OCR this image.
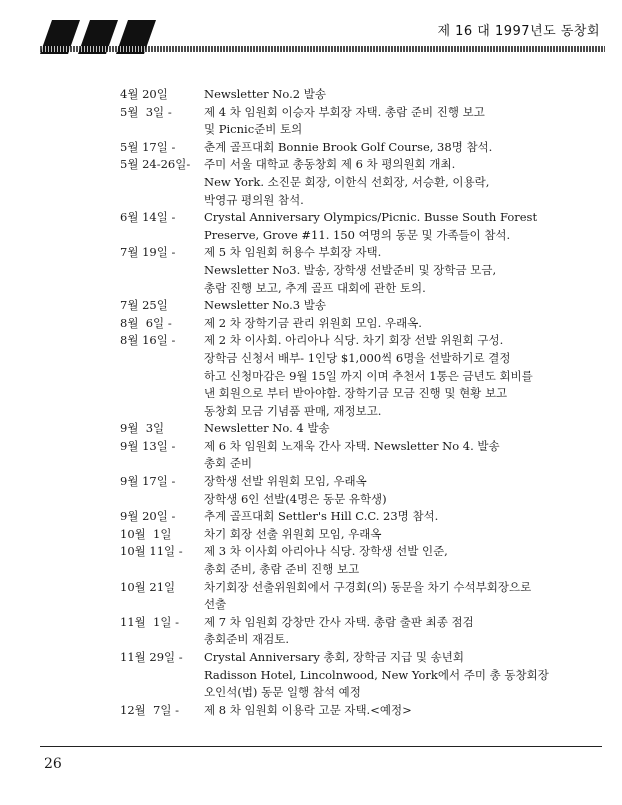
제 16 대 1997년도 동창회
4월 20일	Newsletter No.2 발송
5월  3일 -	제 4 차 임원회 이승자 부회장 자택. 총람 준비 진행 보고
및 Picnic준비 토의
5월 17일 -	춘계 골프대회 Bonnie Brook Golf Course, 38명 참석.
5월 24-26일-	주미 서울 대학교 총동창회 제 6 차 평의원회 개최.
New York. 소진문 회장, 이한식 선회장, 서승환, 이용락,
박영규 평의원 참석.
6월 14일 -	Crystal Anniversary Olympics/Picnic. Busse South Forest
Preserve, Grove #11. 150 여명의 동문 및 가족들이 참석.
7월 19일 -	제 5 차 임원회 허용수 부회장 자택.
Newsletter No3. 발송, 장학생 선발준비 및 장학금 모금,
총람 진행 보고, 추계 골프 대회에 관한 토의.
7월 25일	Newsletter No.3 발송
8월  6일 -	제 2 차 장학기금 관리 위원회 모임. 우래옥.
8월 16일 -	제 2 차 이사회. 아리아나 식당. 차기 회장 선발 위원회 구성.
장학금 신청서 배부- 1인당 $1,000씩 6명을 선발하기로 결정
하고 신청마감은 9월 15일 까지 이며 추천서 1통은 금년도 회비를
낸 회원으로 부터 받아야함. 장학기금 모금 진행 및 현황 보고
동창회 모금 기념품 판매, 재정보고.
9월  3일	Newsletter No. 4 발송
9월 13일 -	제 6 차 임원회 노재욱 간사 자택. Newsletter No 4. 발송
총회 준비
9월 17일 -	장학생 선발 위원회 모임, 우래옥
장학생 6인 선발(4명은 동문 유학생)
9월 20일 -	추계 골프대회 Settler's Hill C.C. 23명 참석.
10월  1일	차기 회장 선출 위원회 모임, 우래옥
10월 11일 -	제 3 차 이사회 아리아나 식당. 장학생 선발 인준,
총회 준비, 총람 준비 진행 보고
10월 21일	차기회장 선출위원회에서 구경회(의) 동문을 차기 수석부회장으로
선출
11월  1일 -	제 7 차 임원회 강창만 간사 자택. 총람 출판 최종 점검
총회준비 재검토.
11월 29일 -	Crystal Anniversary 총회, 장학금 지급 및 송년회
Radisson Hotel, Lincolnwood, New York에서 주미 총 동창회장
오인석(법) 동문 일행 참석 예정
12월  7일 -	제 8 차 임원회 이용락 고문 자택.<예정>
26
